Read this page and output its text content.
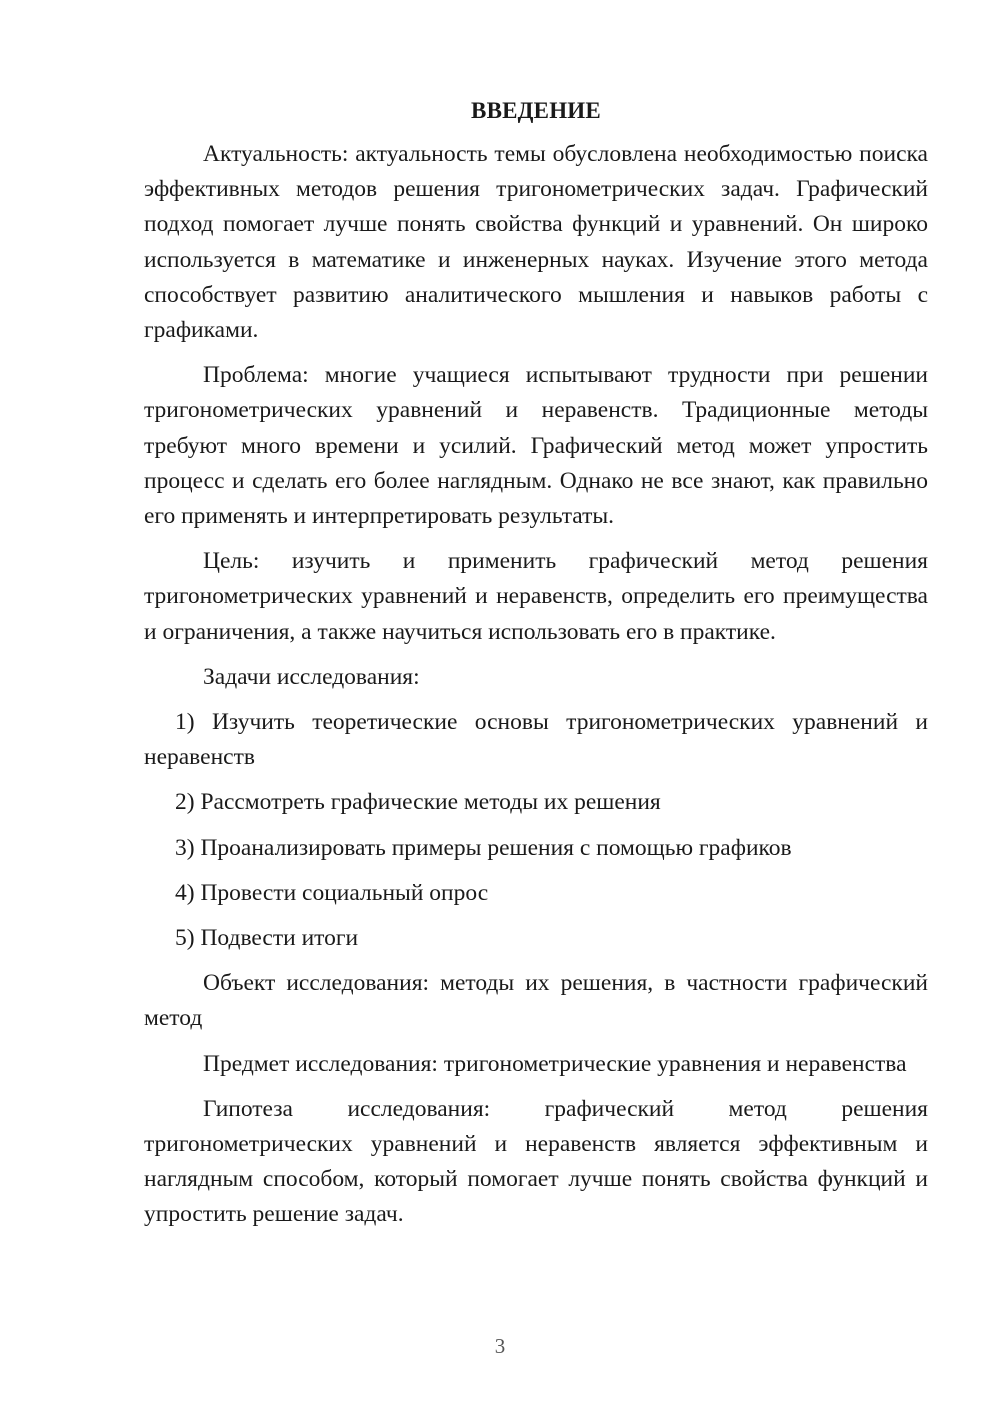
ВВЕДЕНИЕ

Актуальность: актуальность темы обусловлена необходимостью поиска эффективных методов решения тригонометрических задач. Графический подход помогает лучше понять свойства функций и уравнений. Он широко используется в математике и инженерных науках. Изучение этого метода способствует развитию аналитического мышления и навыков работы с графиками.

Проблема: многие учащиеся испытывают трудности при решении тригонометрических уравнений и неравенств. Традиционные методы требуют много времени и усилий. Графический метод может упростить процесс и сделать его более наглядным. Однако не все знают, как правильно его применять и интерпретировать результаты.

Цель: изучить и применить графический метод решения тригонометрических уравнений и неравенств, определить его преимущества и ограничения, а также научиться использовать его в практике.

Задачи исследования:

1) Изучить теоретические основы тригонометрических уравнений и неравенств

2) Рассмотреть графические методы их решения

3) Проанализировать примеры решения с помощью графиков

4) Провести социальный опрос

5) Подвести итоги

Объект исследования: методы их решения, в частности графический метод

Предмет исследования: тригонометрические уравнения и неравенства

Гипотеза исследования: графический метод решения тригонометрических уравнений и неравенств является эффективным и наглядным способом, который помогает лучше понять свойства функций и упростить решение задач.

3
